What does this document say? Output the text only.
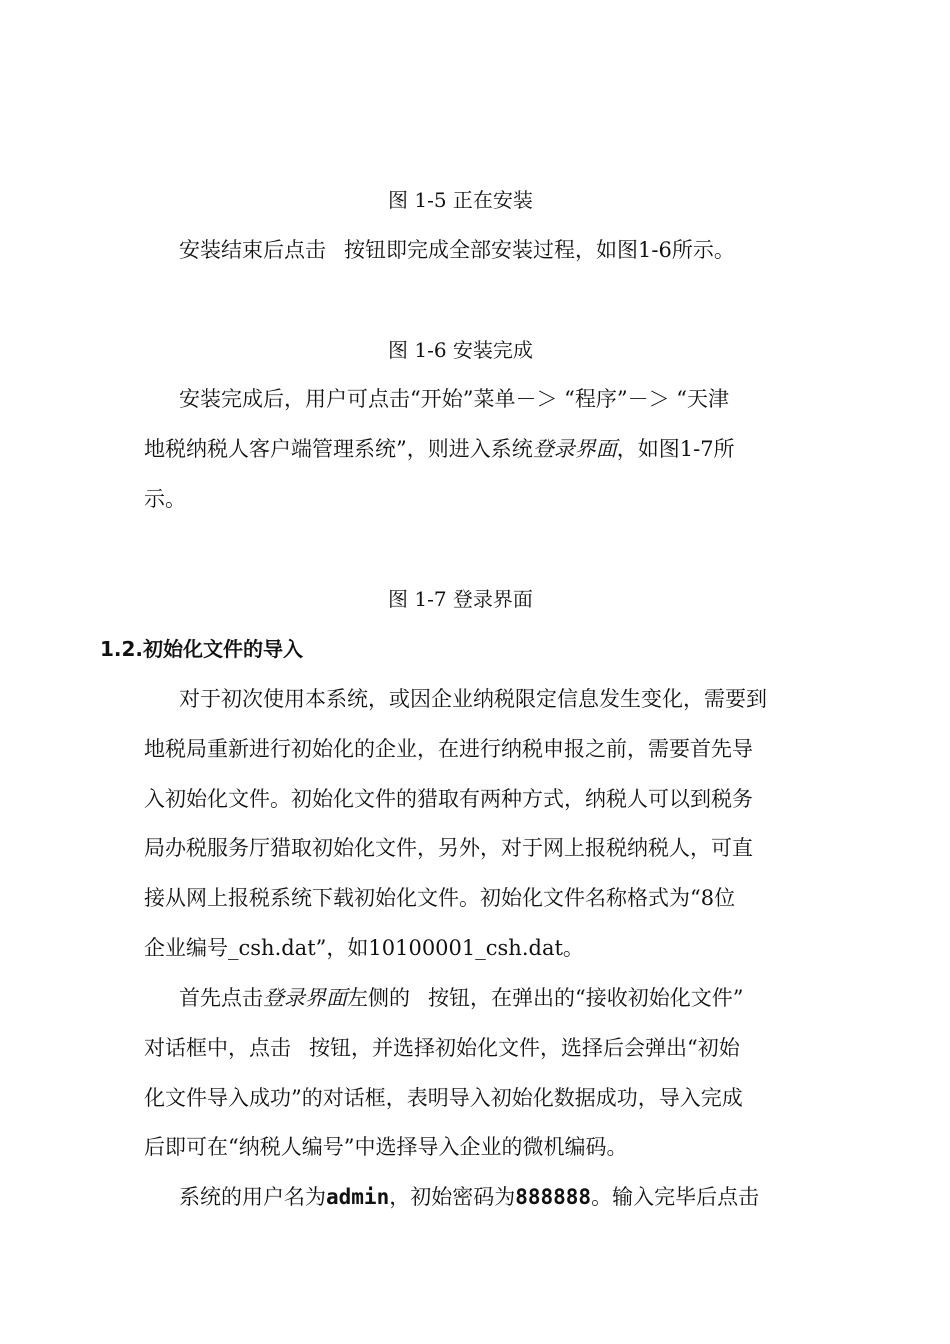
图 1-5 正在安装

安装结束后点击 按钮即完成全部安装过程，如图1-6所示。

图 1-6 安装完成

安装完成后，用户可点击“开始”菜单－＞ “程序”－＞ “天津

地税纳税人客户端管理系统”，则进入系统登录界面，如图1-7所

示。

图 1-7 登录界面

1.2.初始化文件的导入

对于初次使用本系统，或因企业纳税限定信息发生变化，需要到

地税局重新进行初始化的企业，在进行纳税申报之前，需要首先导

入初始化文件。初始化文件的猎取有两种方式，纳税人可以到税务

局办税服务厅猎取初始化文件，另外，对于网上报税纳税人，可直

接从网上报税系统下载初始化文件。初始化文件名称格式为“8位

企业编号_csh.dat”，如10100001_csh.dat。

首先点击登录界面左侧的 按钮，在弹出的“接收初始化文件”

对话框中，点击 按钮，并选择初始化文件，选择后会弹出“初始

化文件导入成功”的对话框，表明导入初始化数据成功，导入完成

后即可在“纳税人编号”中选择导入企业的微机编码。

系统的用户名为admin，初始密码为888888。输入完毕后点击
